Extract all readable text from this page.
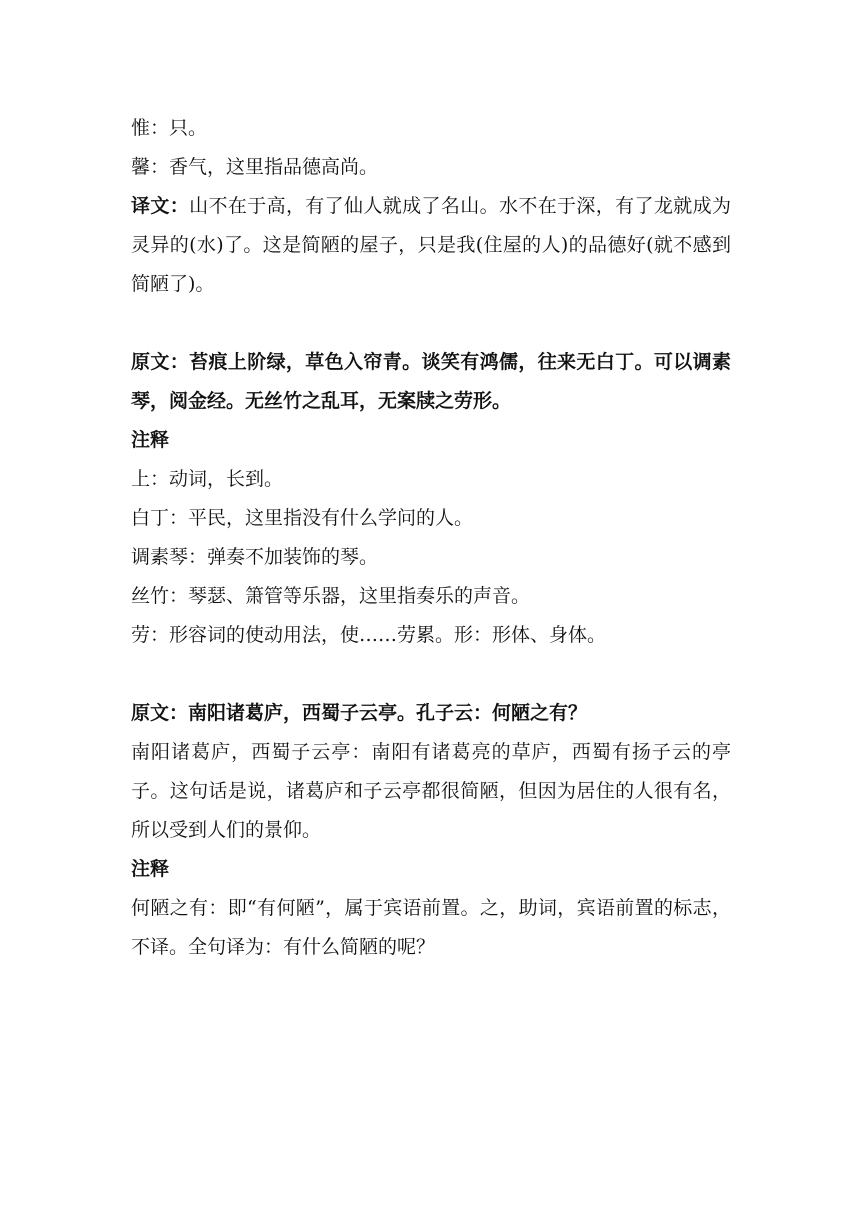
惟：只。

馨：香气，这里指品德高尚。

译文：山不在于高，有了仙人就成了名山。水不在于深，有了龙就成为灵异的(水)了。这是简陋的屋子，只是我(住屋的人)的品德好(就不感到简陋了)。

原文：苔痕上阶绿，草色入帘青。谈笑有鸿儒，往来无白丁。可以调素琴，阅金经。无丝竹之乱耳，无案牍之劳形。

注释

上：动词，长到。

白丁：平民，这里指没有什么学问的人。

调素琴：弹奏不加装饰的琴。

丝竹：琴瑟、箫管等乐器，这里指奏乐的声音。

劳：形容词的使动用法，使……劳累。形：形体、身体。

原文：南阳诸葛庐，西蜀子云亭。孔子云：何陋之有？

南阳诸葛庐，西蜀子云亭：南阳有诸葛亮的草庐，西蜀有扬子云的亭子。这句话是说，诸葛庐和子云亭都很简陋，但因为居住的人很有名，所以受到人们的景仰。

注释

何陋之有：即“有何陋”，属于宾语前置。之，助词，宾语前置的标志，不译。全句译为：有什么简陋的呢？
